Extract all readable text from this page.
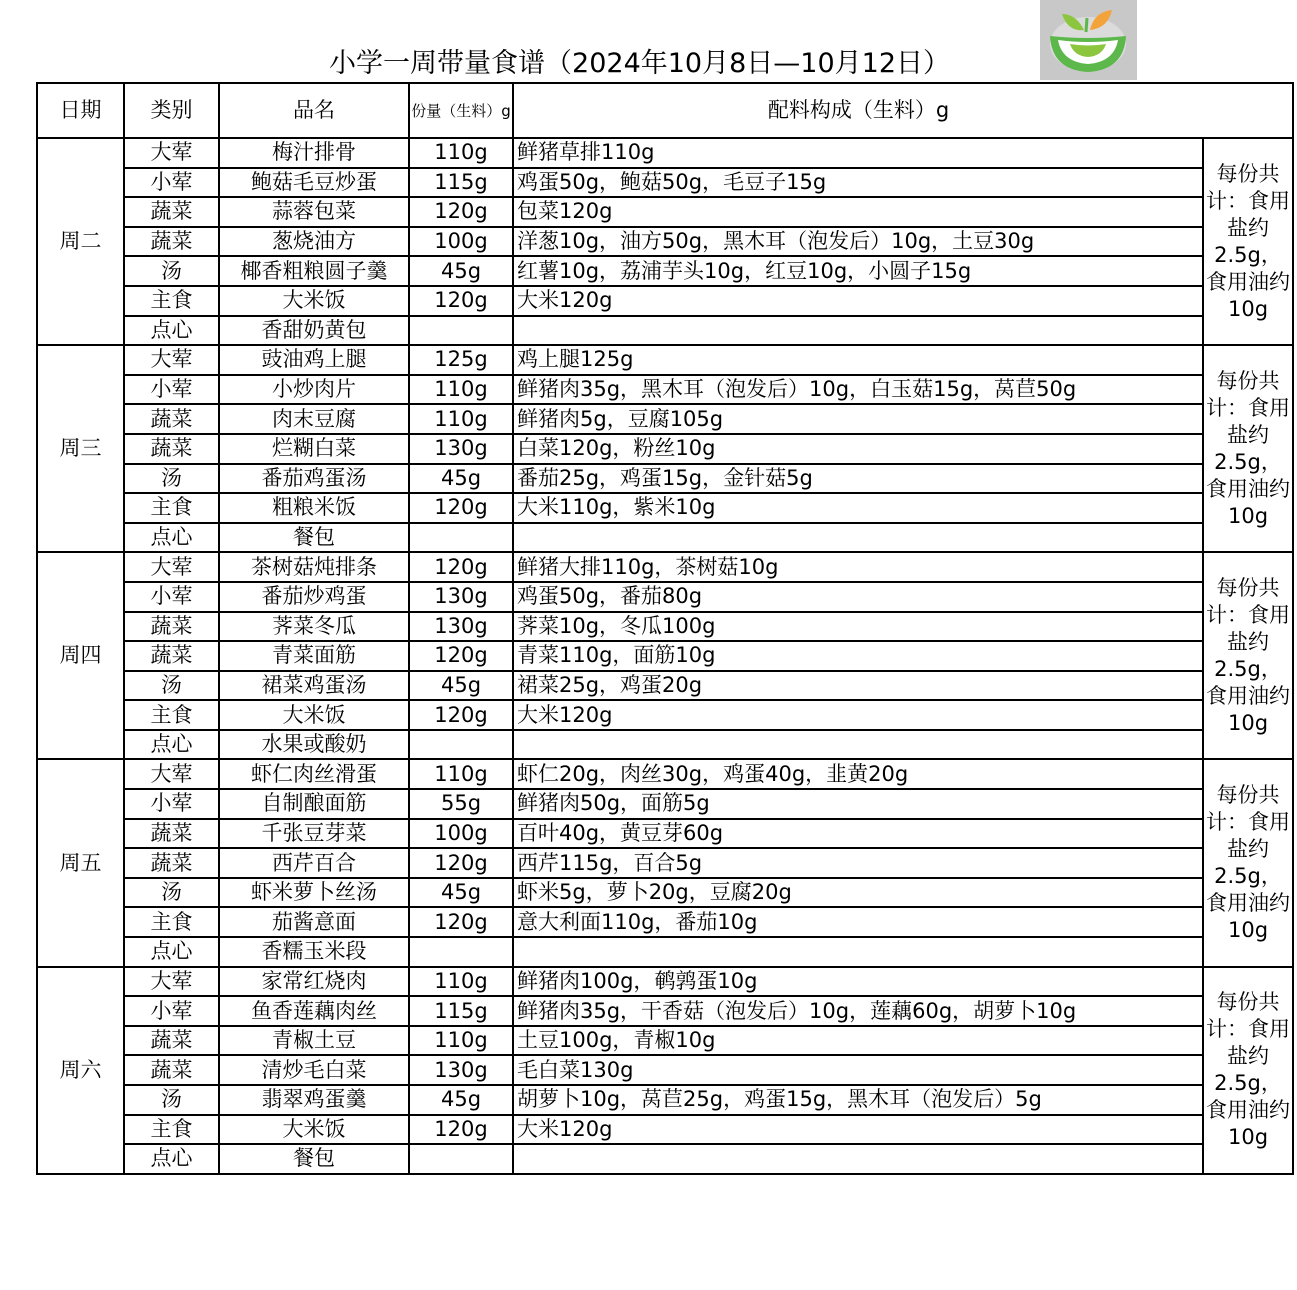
小学一周带量食谱（2024年10月8日—10月12日）
日期	类别	品名	份量（生料）g	配料构成（生料）g	
周二	大荤	梅汁排骨	110g	鲜猪草排110g	每份共计：食用盐约2.5g，食用油约10g
	小荤	鲍菇毛豆炒蛋	115g	鸡蛋50g，鲍菇50g，毛豆子15g	
	蔬菜	蒜蓉包菜	120g	包菜120g	
	蔬菜	葱烧油方	100g	洋葱10g，油方50g，黑木耳（泡发后）10g，土豆30g	
	汤	椰香粗粮圆子羹	45g	红薯10g，荔浦芋头10g，红豆10g，小圆子15g	
	主食	大米饭	120g	大米120g	
	点心	香甜奶黄包			
周三	大荤	豉油鸡上腿	125g	鸡上腿125g	每份共计：食用盐约2.5g，食用油约10g
	小荤	小炒肉片	110g	鲜猪肉35g，黑木耳（泡发后）10g，白玉菇15g，莴苣50g	
	蔬菜	肉末豆腐	110g	鲜猪肉5g，豆腐105g	
	蔬菜	烂糊白菜	130g	白菜120g，粉丝10g	
	汤	番茄鸡蛋汤	45g	番茄25g，鸡蛋15g，金针菇5g	
	主食	粗粮米饭	120g	大米110g，紫米10g	
	点心	餐包			
周四	大荤	茶树菇炖排条	120g	鲜猪大排110g，茶树菇10g	每份共计：食用盐约2.5g，食用油约10g
	小荤	番茄炒鸡蛋	130g	鸡蛋50g，番茄80g	
	蔬菜	荠菜冬瓜	130g	荠菜10g，冬瓜100g	
	蔬菜	青菜面筋	120g	青菜110g，面筋10g	
	汤	裙菜鸡蛋汤	45g	裙菜25g，鸡蛋20g	
	主食	大米饭	120g	大米120g	
	点心	水果或酸奶			
周五	大荤	虾仁肉丝滑蛋	110g	虾仁20g，肉丝30g，鸡蛋40g，韭黄20g	每份共计：食用盐约2.5g，食用油约10g
	小荤	自制酿面筋	55g	鲜猪肉50g，面筋5g	
	蔬菜	千张豆芽菜	100g	百叶40g，黄豆芽60g	
	蔬菜	西芹百合	120g	西芹115g，百合5g	
	汤	虾米萝卜丝汤	45g	虾米5g，萝卜20g，豆腐20g	
	主食	茄酱意面	120g	意大利面110g，番茄10g	
	点心	香糯玉米段			
周六	大荤	家常红烧肉	110g	鲜猪肉100g，鹌鹑蛋10g	每份共计：食用盐约2.5g，食用油约10g
	小荤	鱼香莲藕肉丝	115g	鲜猪肉35g，干香菇（泡发后）10g，莲藕60g，胡萝卜10g	
	蔬菜	青椒土豆	110g	土豆100g，青椒10g	
	蔬菜	清炒毛白菜	130g	毛白菜130g	
	汤	翡翠鸡蛋羹	45g	胡萝卜10g，莴苣25g，鸡蛋15g，黑木耳（泡发后）5g	
	主食	大米饭	120g	大米120g	
	点心	餐包			
